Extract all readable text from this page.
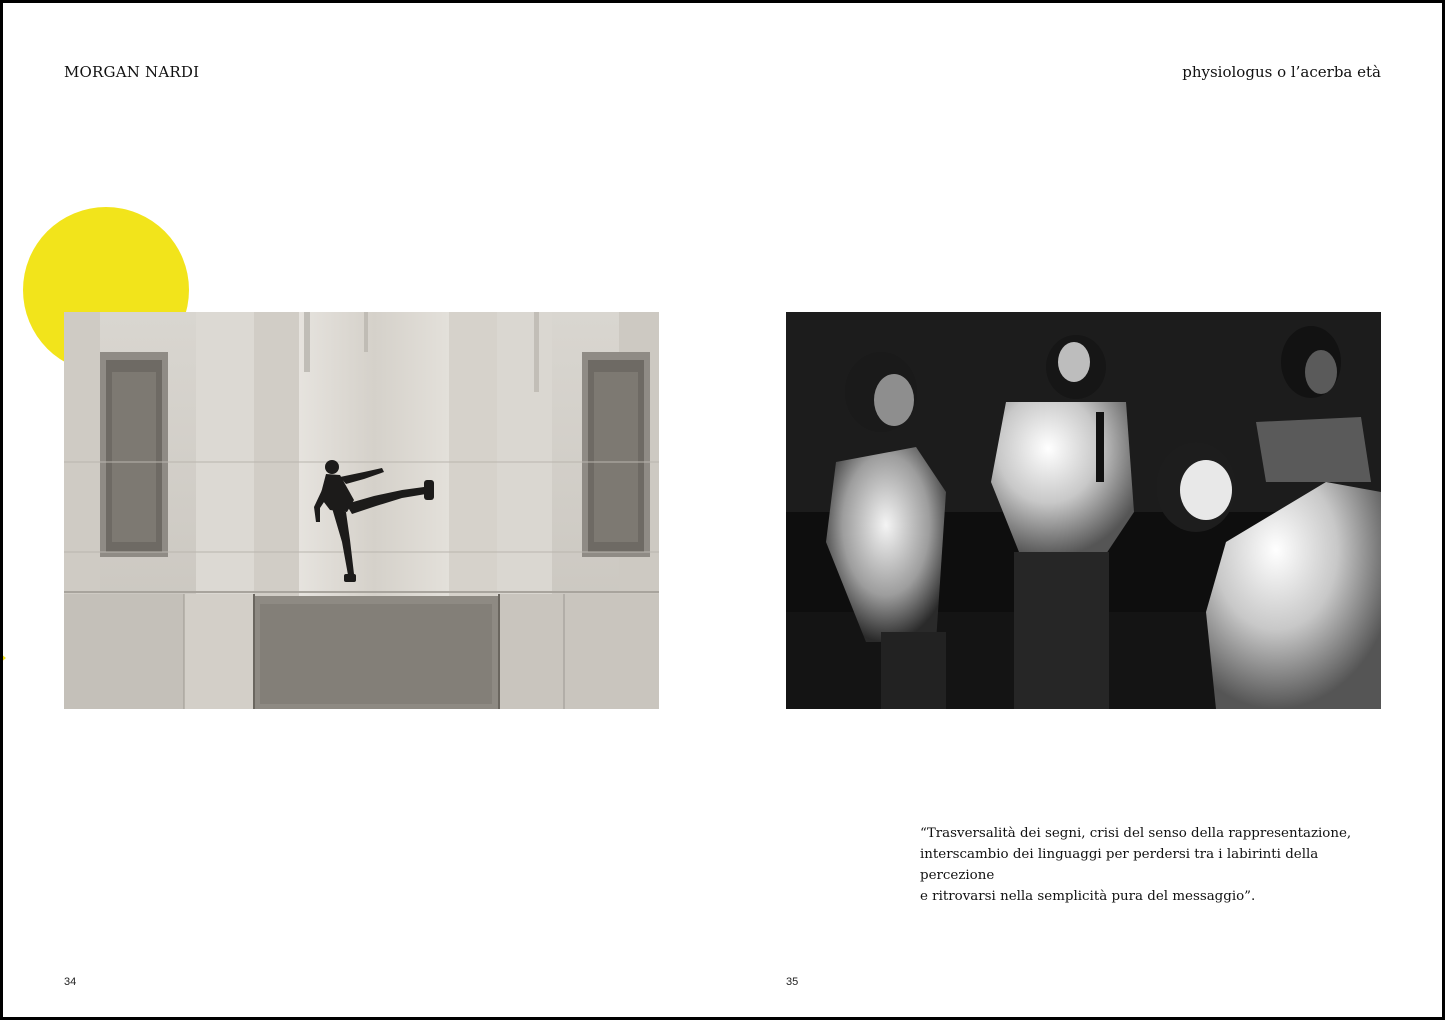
MORGAN NARDI	physiologus o l’acerba età

“Trasversalità dei segni, crisi del senso della rappresentazione,

interscambio dei linguaggi per perdersi tra i labirinti della percezione

e ritrovarsi nella semplicità pura del messaggio”.

34	35
